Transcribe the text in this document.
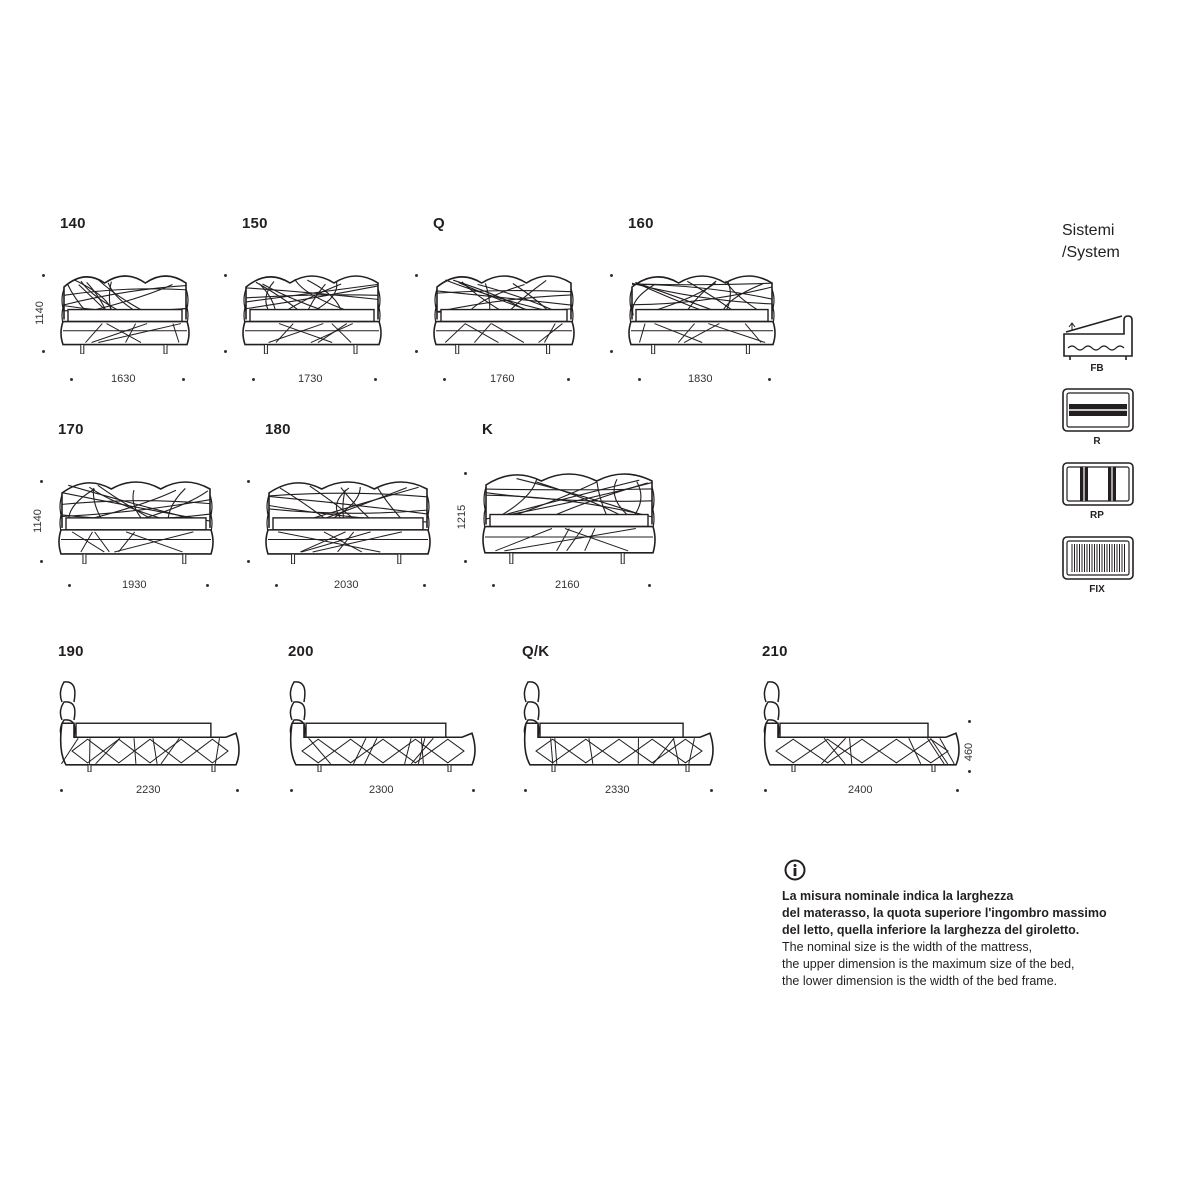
140
1630
1140
150
1730
Q
1760
160
1830
170
1930
1140
180
2030
K
2160
1215
190
2230
200
2300
Q/K
2330
210
2400
460
Sistemi
/System
FB
R
RP
FIX
La misura nominale indica la larghezza
del materasso, la quota superiore l'ingombro massimo
del letto, quella inferiore la larghezza del giroletto.
The nominal size is the width of the mattress,
the upper dimension is the maximum size of the bed,
the lower dimension is the width of the bed frame.
